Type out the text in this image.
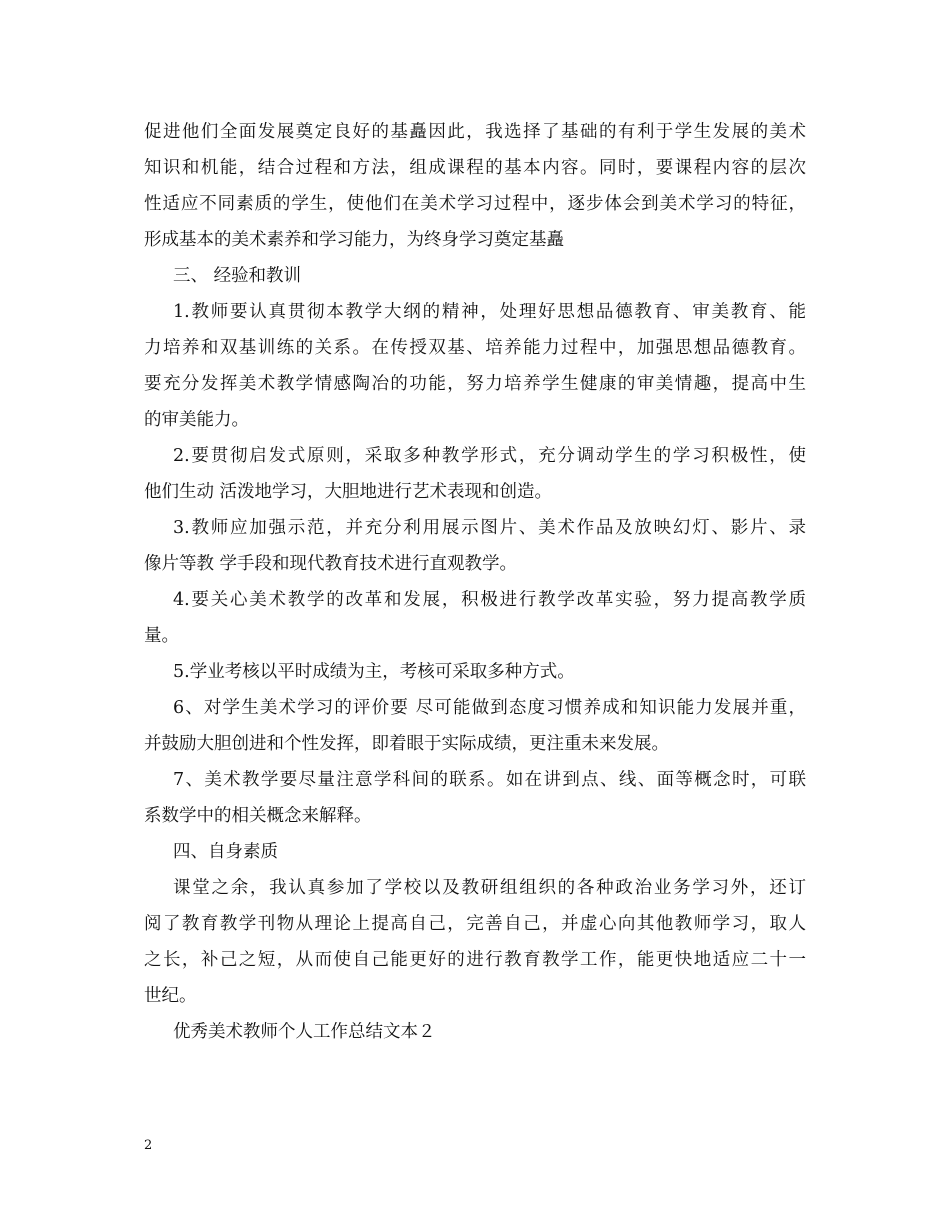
促进他们全面发展奠定良好的基矗因此，我选择了基础的有利于学生发展的美术
知识和机能，结合过程和方法，组成课程的基本内容。同时，要课程内容的层次
性适应不同素质的学生，使他们在美术学习过程中，逐步体会到美术学习的特征，
形成基本的美术素养和学习能力，为终身学习奠定基矗
三、 经验和教训
1.教师要认真贯彻本教学大纲的精神，处理好思想品德教育、审美教育、能
力培养和双基训练的关系。在传授双基、培养能力过程中，加强思想品德教育。
要充分发挥美术教学情感陶冶的功能，努力培养学生健康的审美情趣，提高中生
的审美能力。
2.要贯彻启发式原则，采取多种教学形式，充分调动学生的学习积极性，使
他们生动 活泼地学习，大胆地进行艺术表现和创造。
3.教师应加强示范，并充分利用展示图片、美术作品及放映幻灯、影片、录
像片等教 学手段和现代教育技术进行直观教学。
4.要关心美术教学的改革和发展，积极进行教学改革实验，努力提高教学质
量。
5.学业考核以平时成绩为主，考核可采取多种方式。
6、对学生美术学习的评价要 尽可能做到态度习惯养成和知识能力发展并重，
并鼓励大胆创进和个性发挥，即着眼于实际成绩，更注重未来发展。
7、美术教学要尽量注意学科间的联系。如在讲到点、线、面等概念时，可联
系数学中的相关概念来解释。
四、自身素质
课堂之余，我认真参加了学校以及教研组组织的各种政治业务学习外，还订
阅了教育教学刊物从理论上提高自己，完善自己，并虚心向其他教师学习，取人
之长，补己之短，从而使自己能更好的进行教育教学工作，能更快地适应二十一
世纪。
优秀美术教师个人工作总结文本２
2
